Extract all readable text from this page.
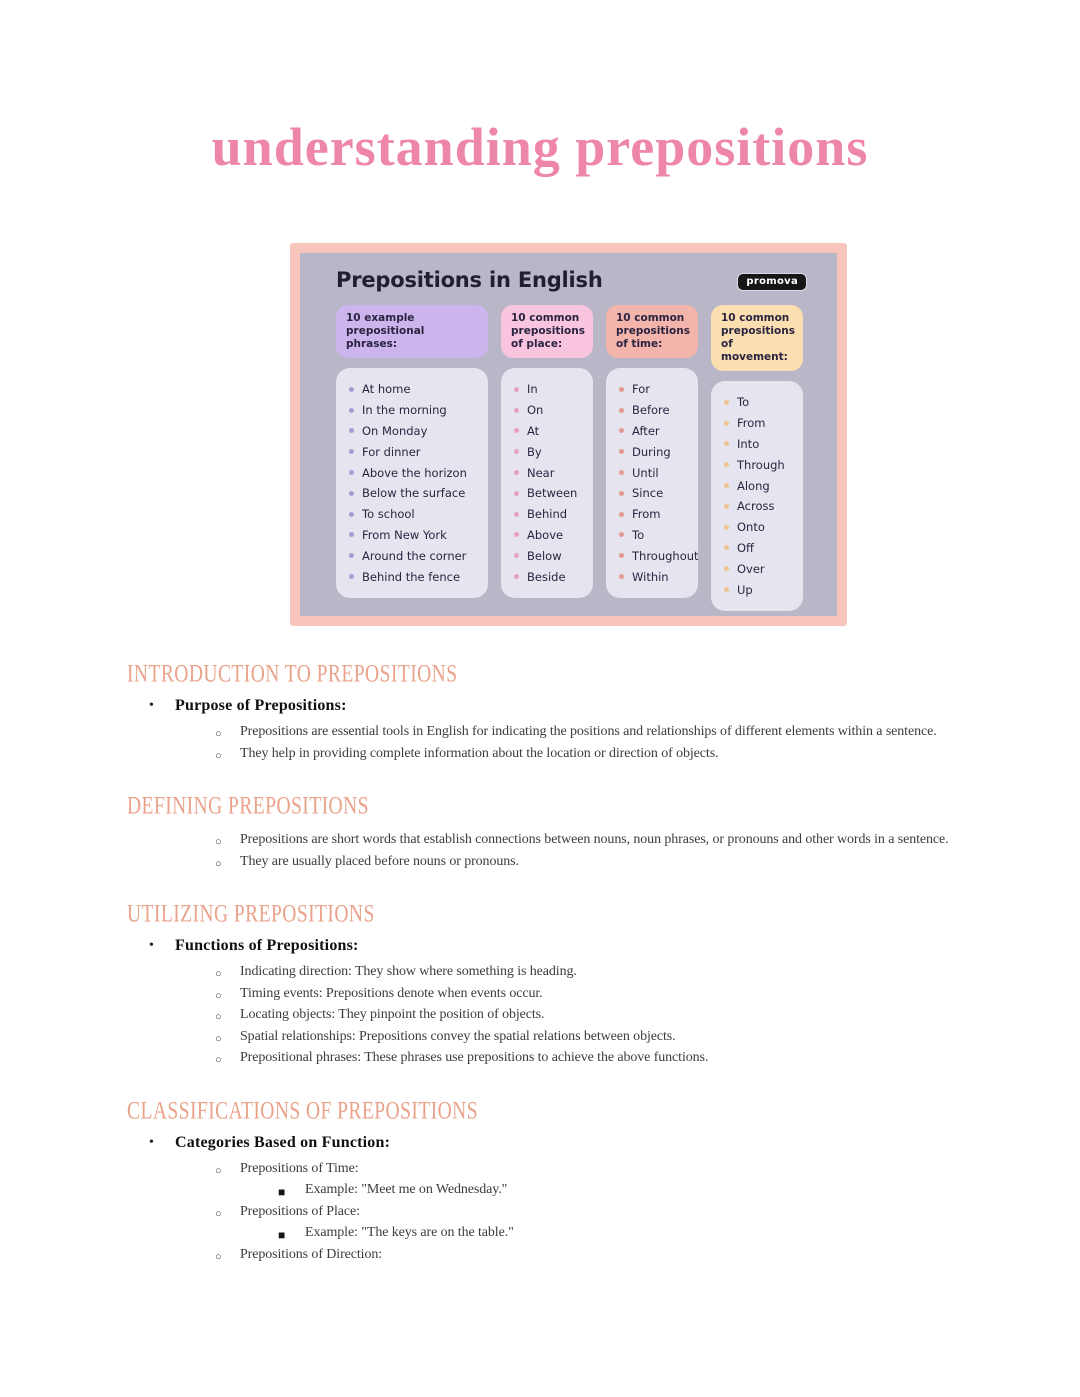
understanding prepositions
Prepositions in English	promova
10 example prepositional phrases:
At home
In the morning
On Monday
For dinner
Above the horizon
Below the surface
To school
From New York
Around the corner
Behind the fence
10 common prepositions of place:
In
On
At
By
Near
Between
Behind
Above
Below
Beside
10 common prepositions of time:
For
Before
After
During
Until
Since
From
To
Throughout
Within
10 common prepositions of movement:
To
From
Into
Through
Along
Across
Onto
Off
Over
Up
INTRODUCTION TO PREPOSITIONS
• Purpose of Prepositions:
○ Prepositions are essential tools in English for indicating the positions and relationships of different elements within a sentence.
○ They help in providing complete information about the location or direction of objects.
DEFINING PREPOSITIONS
○ Prepositions are short words that establish connections between nouns, noun phrases, or pronouns and other words in a sentence.
○ They are usually placed before nouns or pronouns.
UTILIZING PREPOSITIONS
• Functions of Prepositions:
○ Indicating direction: They show where something is heading.
○ Timing events: Prepositions denote when events occur.
○ Locating objects: They pinpoint the position of objects.
○ Spatial relationships: Prepositions convey the spatial relations between objects.
○ Prepositional phrases: These phrases use prepositions to achieve the above functions.
CLASSIFICATIONS OF PREPOSITIONS
• Categories Based on Function:
○ Prepositions of Time:
■ Example: "Meet me on Wednesday."
○ Prepositions of Place:
■ Example: "The keys are on the table."
○ Prepositions of Direction:
